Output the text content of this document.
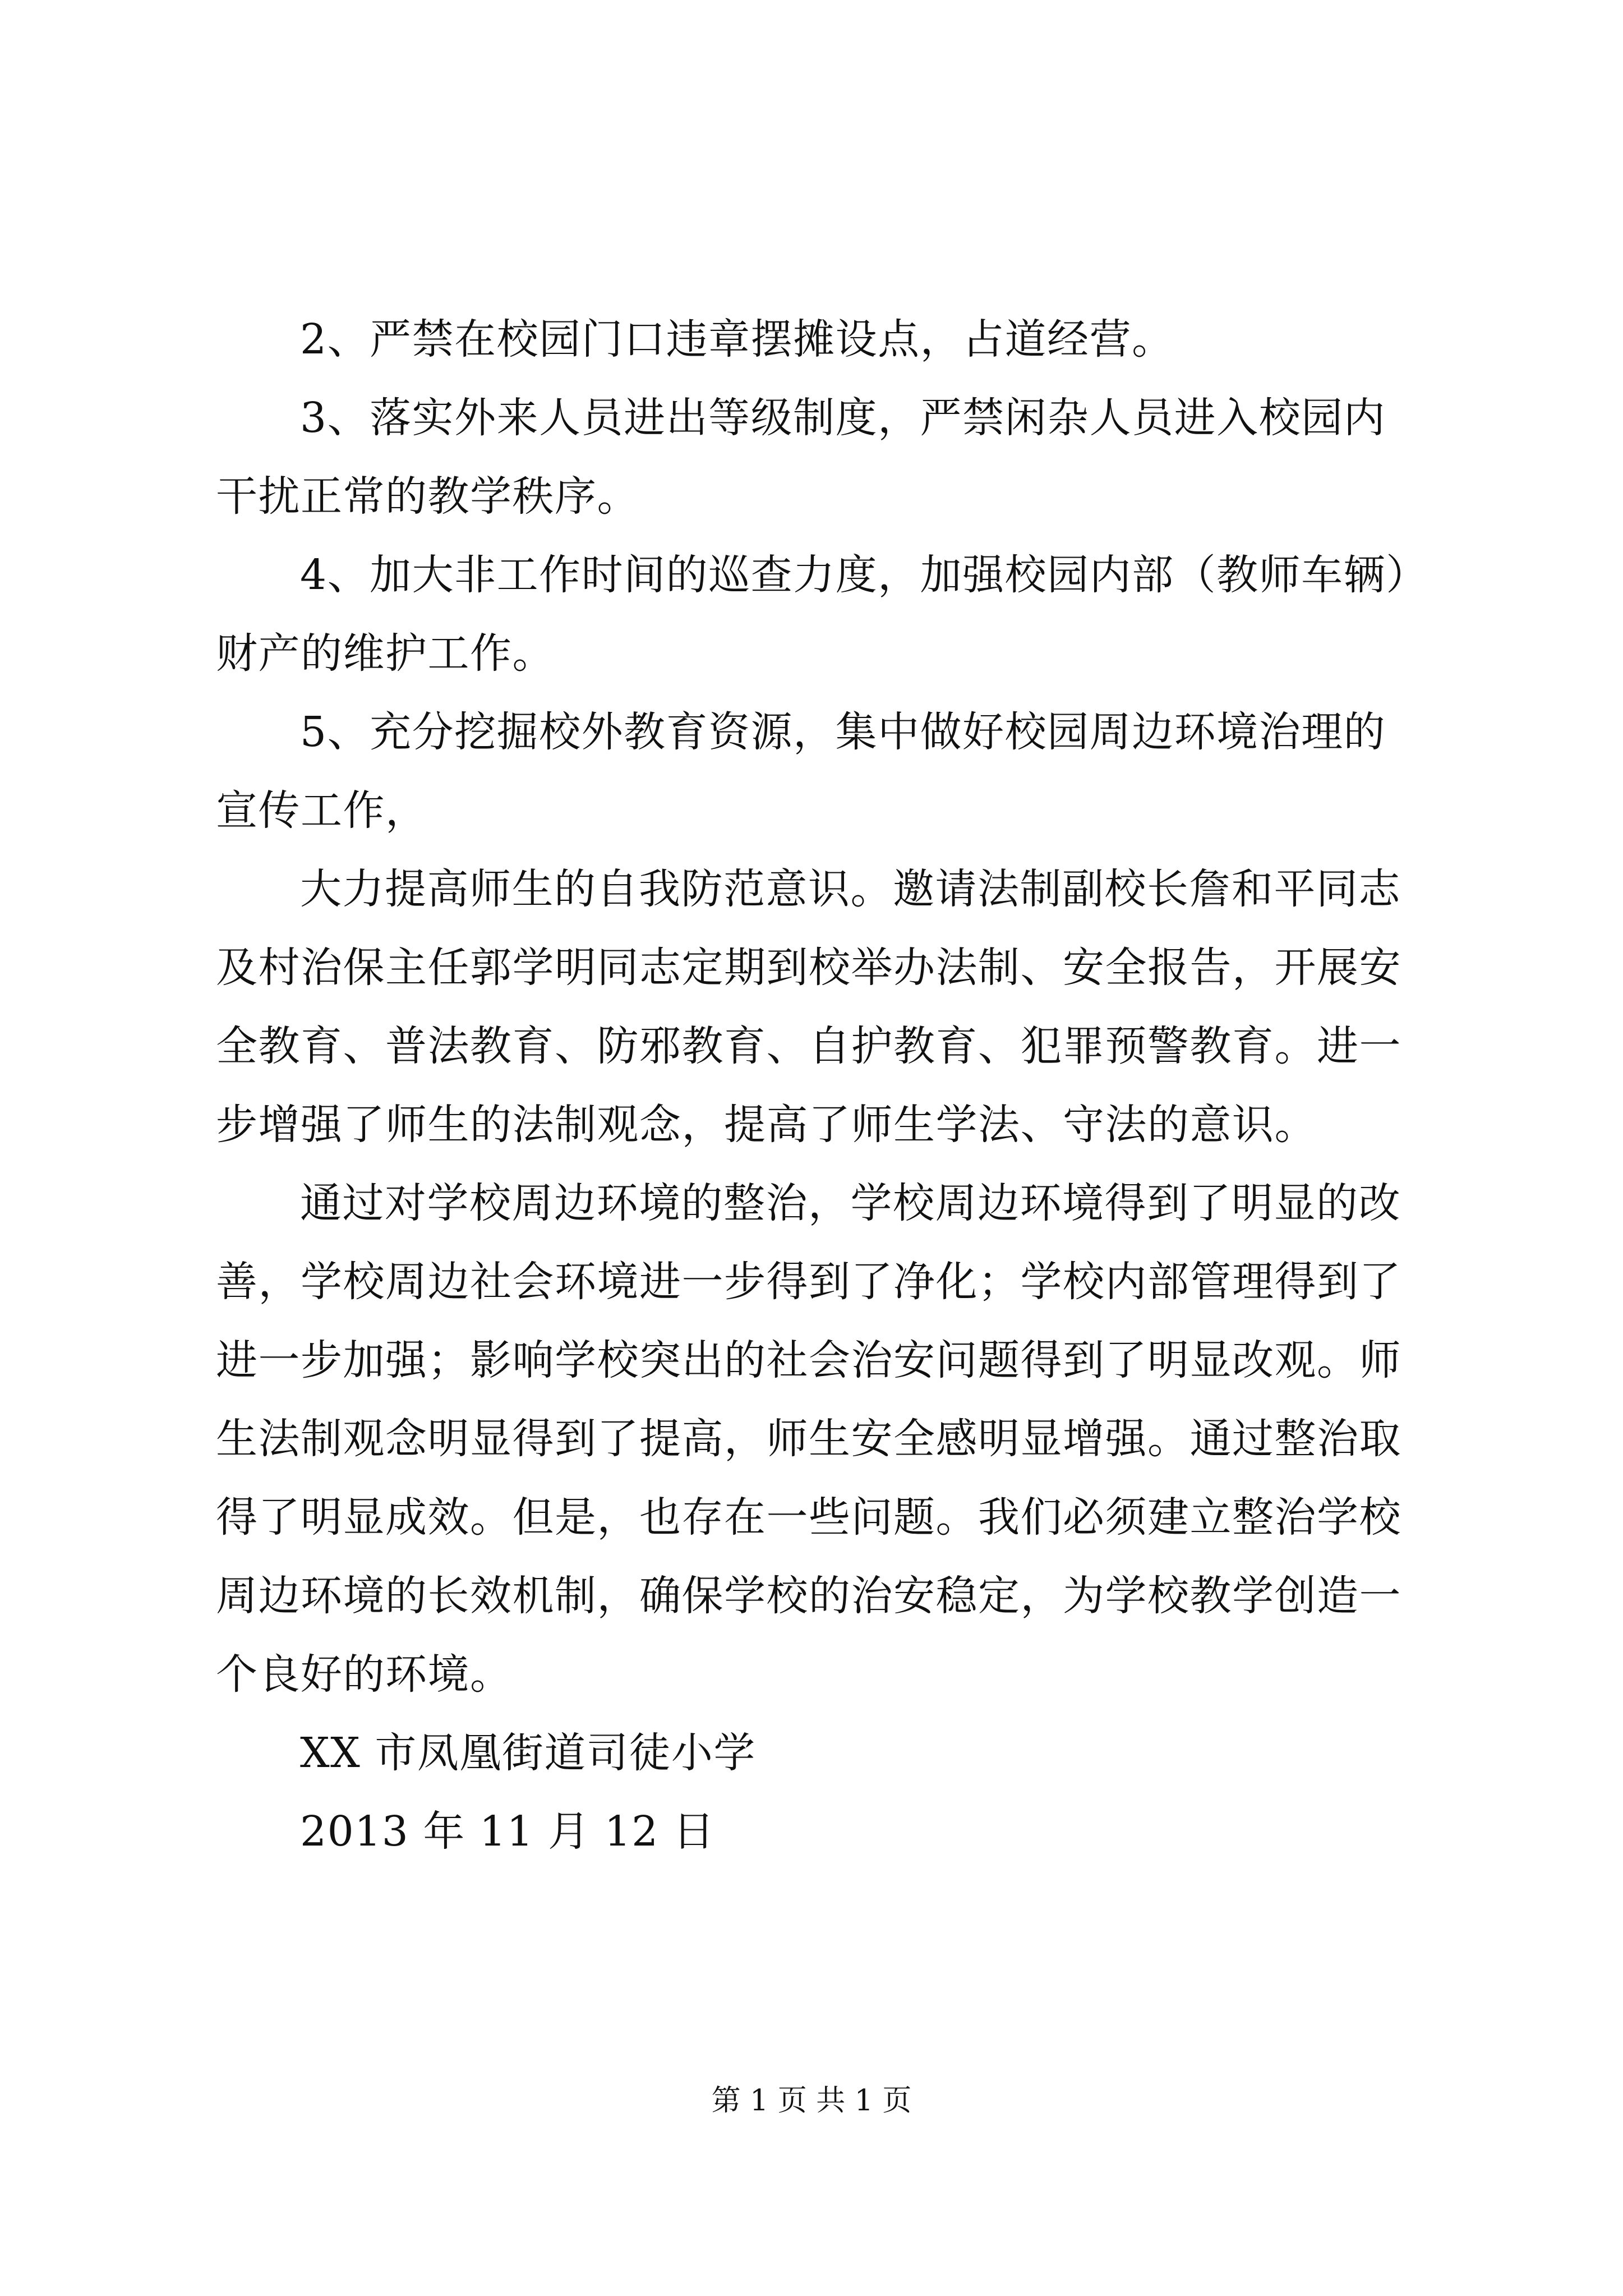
2、严禁在校园门口违章摆摊设点，占道经营。
3、落实外来人员进出等级制度，严禁闲杂人员进入校园内
干扰正常的教学秩序。
4、加大非工作时间的巡查力度，加强校园内部（教师车辆）
财产的维护工作。
5、充分挖掘校外教育资源，集中做好校园周边环境治理的
宣传工作，
大力提高师生的自我防范意识。邀请法制副校长詹和平同志
及村治保主任郭学明同志定期到校举办法制、安全报告，开展安
全教育、普法教育、防邪教育、自护教育、犯罪预警教育。进一
步增强了师生的法制观念，提高了师生学法、守法的意识。
通过对学校周边环境的整治，学校周边环境得到了明显的改
善，学校周边社会环境进一步得到了净化；学校内部管理得到了
进一步加强；影响学校突出的社会治安问题得到了明显改观。师
生法制观念明显得到了提高，师生安全感明显增强。通过整治取
得了明显成效。但是，也存在一些问题。我们必须建立整治学校
周边环境的长效机制，确保学校的治安稳定，为学校教学创造一
个良好的环境。
XX 市凤凰街道司徒小学
2013 年 11 月 12 日
第 1 页 共 1 页
